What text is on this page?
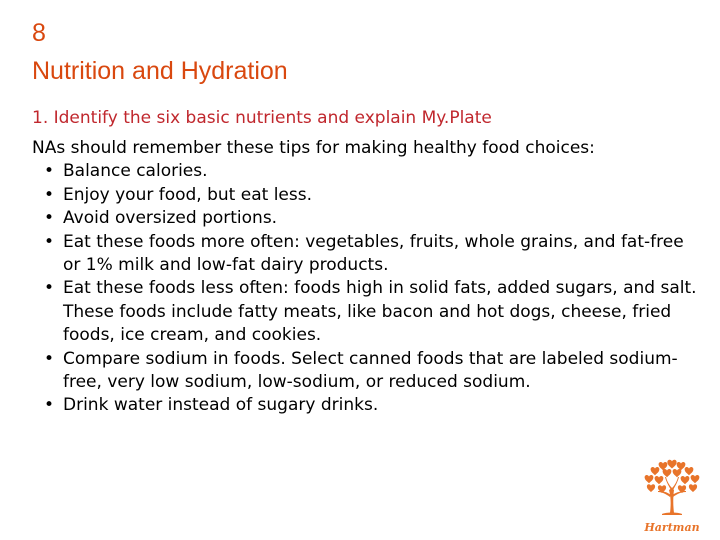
8
Nutrition and Hydration
1. Identify the six basic nutrients and explain My.Plate

NAs should remember these tips for making healthy food choices:

• Balance calories.
• Enjoy your food, but eat less.
• Avoid oversized portions.
• Eat these foods more often: vegetables, fruits, whole grains, and fat-free or 1% milk and low-fat dairy products.
• Eat these foods less often: foods high in solid fats, added sugars, and salt. These foods include fatty meats, like bacon and hot dogs, cheese, fried foods, ice cream, and cookies.
• Compare sodium in foods. Select canned foods that are labeled sodium-free, very low sodium, low-sodium, or reduced sodium.
• Drink water instead of sugary drinks.
Hartman
